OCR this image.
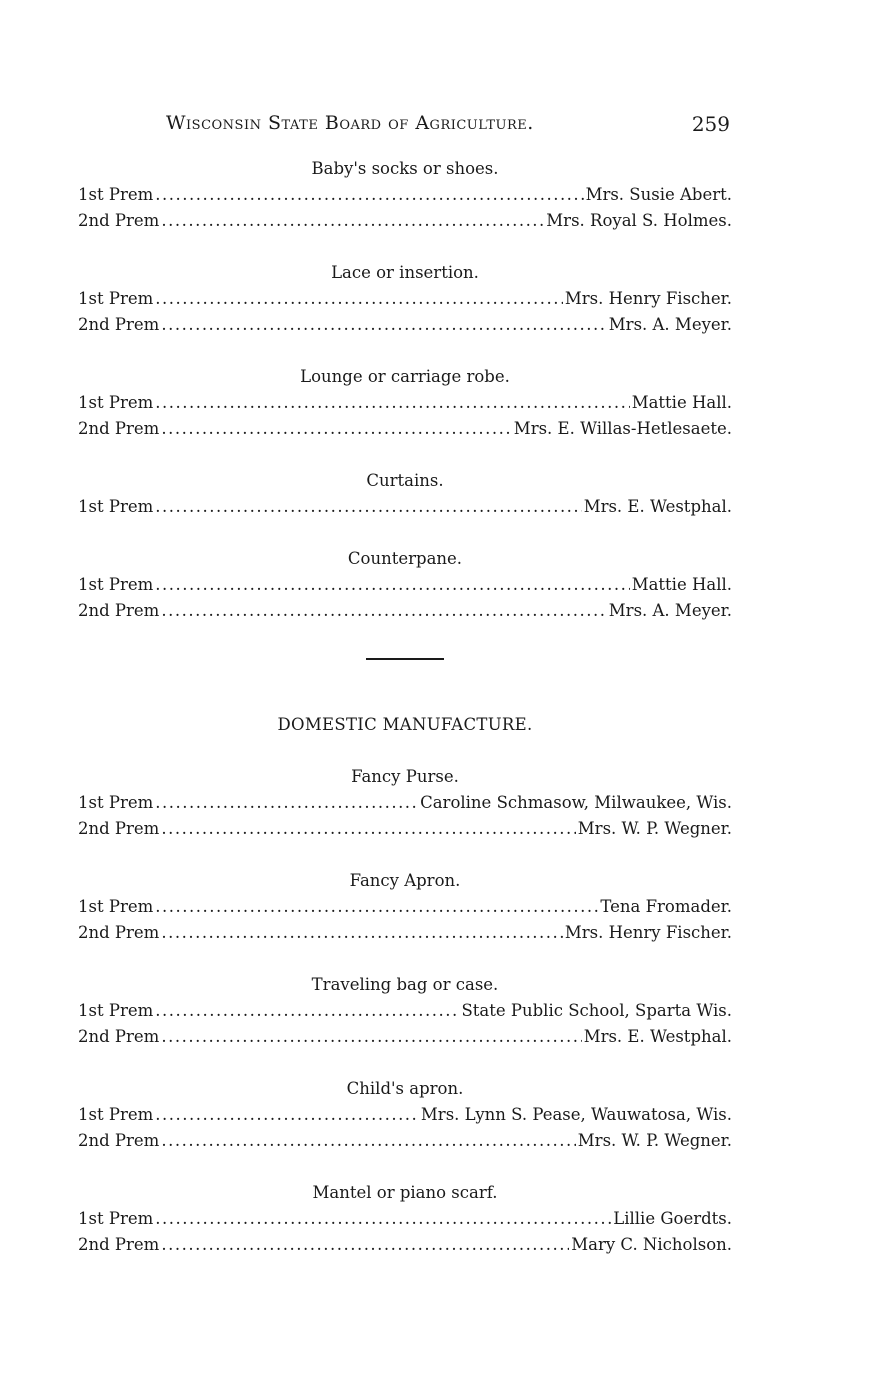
Wisconsin State Board of Agriculture.	259
Baby's socks or shoes.
1st Prem .....	Mrs. Susie Abert.
2nd Prem .....	Mrs. Royal S. Holmes.
Lace or insertion.
1st Prem .....	Mrs. Henry Fischer.
2nd Prem .....	Mrs. A. Meyer.
Lounge or carriage robe.
1st Prem .....	Mattie Hall.
2nd Prem .....	Mrs. E. Willas-Hetlesaete.
Curtains.
1st Prem .....	Mrs. E. Westphal.
Counterpane.
1st Prem .....	Mattie Hall.
2nd Prem .....	Mrs. A. Meyer.
DOMESTIC MANUFACTURE.
Fancy Purse.
1st Prem .....	Caroline Schmasow, Milwaukee, Wis.
2nd Prem .....	Mrs. W. P. Wegner.
Fancy Apron.
1st Prem .....	Tena Fromader.
2nd Prem .....	Mrs. Henry Fischer.
Traveling bag or case.
1st Prem .....	State Public School, Sparta Wis.
2nd Prem .....	Mrs. E. Westphal.
Child's apron.
1st Prem .....	Mrs. Lynn S. Pease, Wauwatosa, Wis.
2nd Prem .....	Mrs. W. P. Wegner.
Mantel or piano scarf.
1st Prem .....	Lillie Goerdts.
2nd Prem .....	Mary C. Nicholson.
